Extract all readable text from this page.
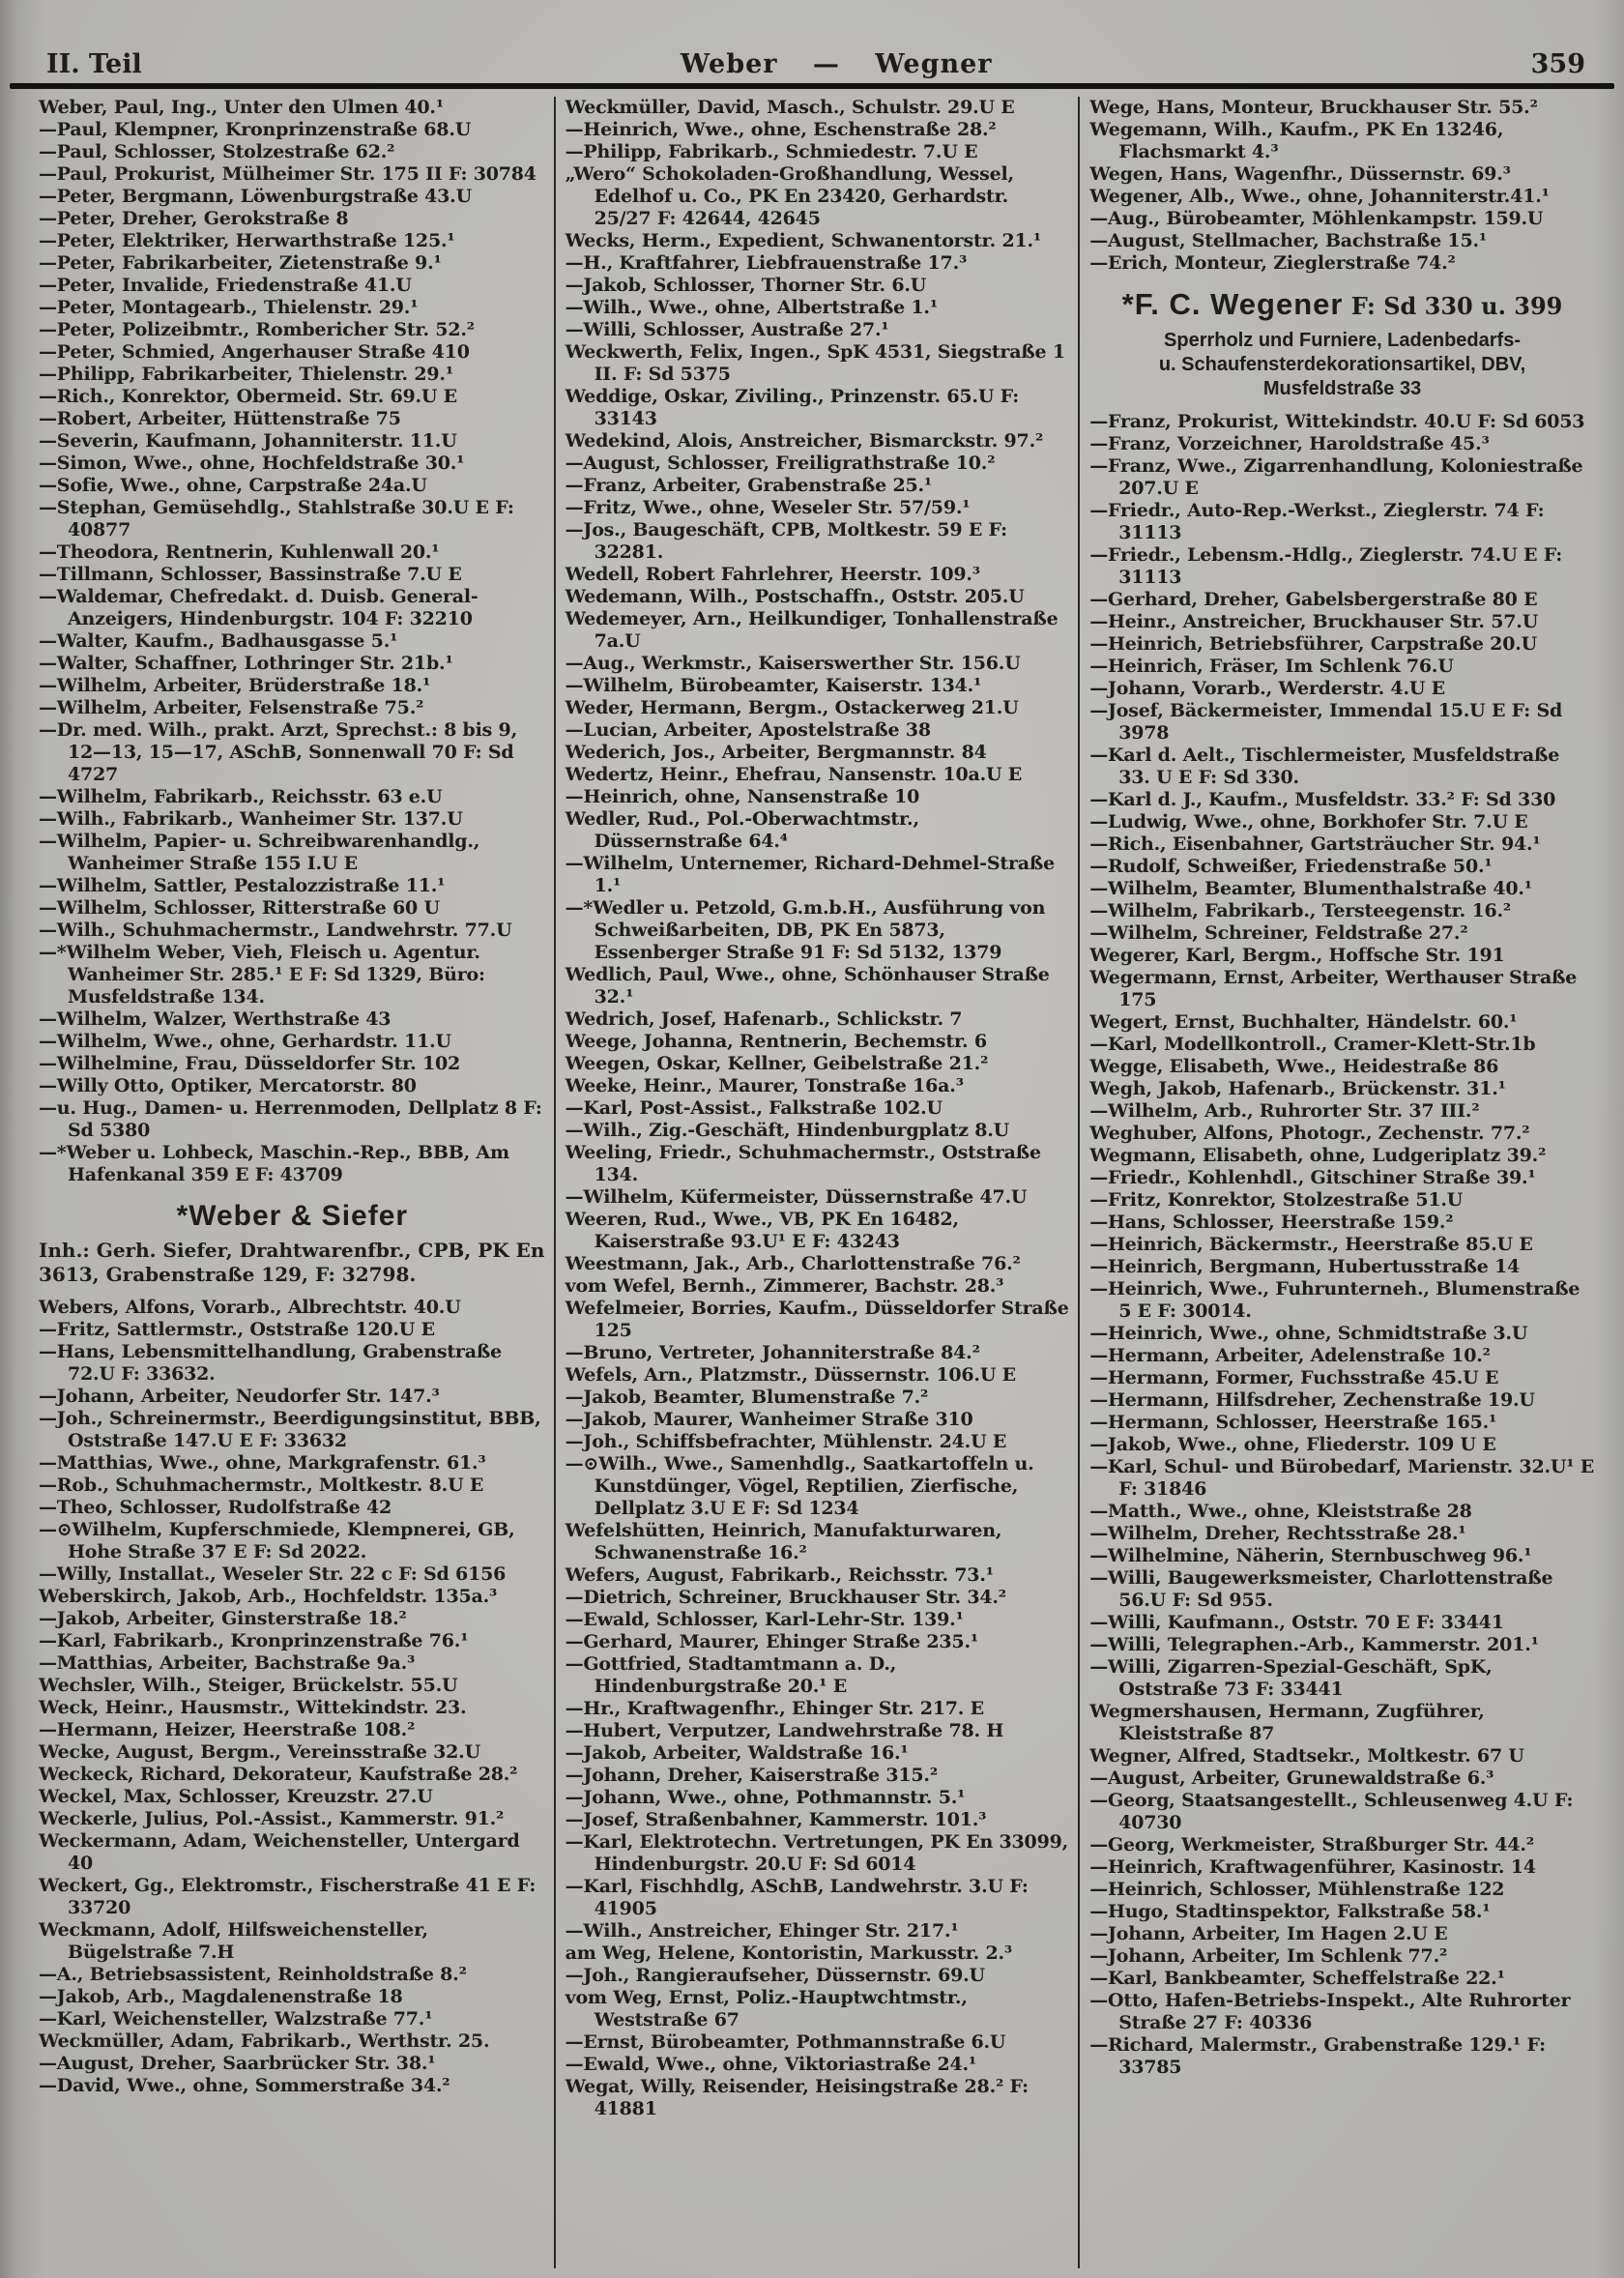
II. Teil	Weber — Wegner	359

Weber, Paul, Ing., Unter den Ulmen 40.¹

—Paul, Klempner, Kronprinzenstraße 68.U

—Paul, Schlosser, Stolzestraße 62.²

—Paul, Prokurist, Mülheimer Str. 175 II F: 30784

—Peter, Bergmann, Löwenburgstraße 43.U

—Peter, Dreher, Gerokstraße 8

—Peter, Elektriker, Herwarthstraße 125.¹

—Peter, Fabrikarbeiter, Zietenstraße 9.¹

—Peter, Invalide, Friedenstraße 41.U

—Peter, Montagearb., Thielenstr. 29.¹

—Peter, Polizeibmtr., Rombericher Str. 52.²

—Peter, Schmied, Angerhauser Straße 410

—Philipp, Fabrikarbeiter, Thielenstr. 29.¹

—Rich., Konrektor, Obermeid. Str. 69.U E

—Robert, Arbeiter, Hüttenstraße 75

—Severin, Kaufmann, Johanniterstr. 11.U

—Simon, Wwe., ohne, Hochfeldstraße 30.¹

—Sofie, Wwe., ohne, Carpstraße 24a.U

—Stephan, Gemüsehdlg., Stahlstraße 30.U E F: 40877

—Theodora, Rentnerin, Kuhlenwall 20.¹

—Tillmann, Schlosser, Bassinstraße 7.U E

—Waldemar, Chefredakt. d. Duisb. General-Anzeigers, Hindenburgstr. 104 F: 32210

—Walter, Kaufm., Badhausgasse 5.¹

—Walter, Schaffner, Lothringer Str. 21b.¹

—Wilhelm, Arbeiter, Brüderstraße 18.¹

—Wilhelm, Arbeiter, Felsenstraße 75.²

—Dr. med. Wilh., prakt. Arzt, Sprechst.: 8 bis 9, 12—13, 15—17, ASchB, Sonnenwall 70 F: Sd 4727

—Wilhelm, Fabrikarb., Reichsstr. 63 e.U

—Wilh., Fabrikarb., Wanheimer Str. 137.U

—Wilhelm, Papier- u. Schreibwarenhandlg., Wanheimer Straße 155 I.U E

—Wilhelm, Sattler, Pestalozzistraße 11.¹

—Wilhelm, Schlosser, Ritterstraße 60 U

—Wilh., Schuhmachermstr., Landwehrstr. 77.U

—*Wilhelm Weber, Vieh, Fleisch u. Agentur. Wanheimer Str. 285.¹ E F: Sd 1329, Büro: Musfeldstraße 134.

—Wilhelm, Walzer, Werthstraße 43

—Wilhelm, Wwe., ohne, Gerhardstr. 11.U

—Wilhelmine, Frau, Düsseldorfer Str. 102

—Willy Otto, Optiker, Mercatorstr. 80

—u. Hug., Damen- u. Herrenmoden, Dellplatz 8 F: Sd 5380

—*Weber u. Lohbeck, Maschin.-Rep., BBB, Am Hafenkanal 359 E F: 43709

*Weber & Siefer
Inh.: Gerh. Siefer, Drahtwarenfbr., CPB, PK En 3613, Grabenstraße 129, F: 32798.

Webers, Alfons, Vorarb., Albrechtstr. 40.U

—Fritz, Sattlermstr., Oststraße 120.U E

—Hans, Lebensmittelhandlung, Grabenstraße 72.U F: 33632.

—Johann, Arbeiter, Neudorfer Str. 147.³

—Joh., Schreinermstr., Beerdigungsinstitut, BBB, Oststraße 147.U E F: 33632

—Matthias, Wwe., ohne, Markgrafenstr. 61.³

—Rob., Schuhmachermstr., Moltkestr. 8.U E

—Theo, Schlosser, Rudolfstraße 42

—⊙Wilhelm, Kupferschmiede, Klempnerei, GB, Hohe Straße 37 E F: Sd 2022.

—Willy, Installat., Weseler Str. 22 c F: Sd 6156

Weberskirch, Jakob, Arb., Hochfeldstr. 135a.³

—Jakob, Arbeiter, Ginsterstraße 18.²

—Karl, Fabrikarb., Kronprinzenstraße 76.¹

—Matthias, Arbeiter, Bachstraße 9a.³

Wechsler, Wilh., Steiger, Brückelstr. 55.U

Weck, Heinr., Hausmstr., Wittekindstr. 23.

—Hermann, Heizer, Heerstraße 108.²

Wecke, August, Bergm., Vereinsstraße 32.U

Weckeck, Richard, Dekorateur, Kaufstraße 28.²

Weckel, Max, Schlosser, Kreuzstr. 27.U

Weckerle, Julius, Pol.-Assist., Kammerstr. 91.²

Weckermann, Adam, Weichensteller, Untergard 40

Weckert, Gg., Elektromstr., Fischerstraße 41 E F: 33720

Weckmann, Adolf, Hilfsweichensteller, Bügelstraße 7.H

—A., Betriebsassistent, Reinholdstraße 8.²

—Jakob, Arb., Magdalenenstraße 18

—Karl, Weichensteller, Walzstraße 77.¹

Weckmüller, Adam, Fabrikarb., Werthstr. 25.

—August, Dreher, Saarbrücker Str. 38.¹

—David, Wwe., ohne, Sommerstraße 34.²

Weckmüller, David, Masch., Schulstr. 29.U E

—Heinrich, Wwe., ohne, Eschenstraße 28.²

—Philipp, Fabrikarb., Schmiedestr. 7.U E

„Wero“ Schokoladen-Großhandlung, Wessel, Edelhof u. Co., PK En 23420, Gerhardstr. 25/27 F: 42644, 42645

Wecks, Herm., Expedient, Schwanentorstr. 21.¹

—H., Kraftfahrer, Liebfrauenstraße 17.³

—Jakob, Schlosser, Thorner Str. 6.U

—Wilh., Wwe., ohne, Albertstraße 1.¹

—Willi, Schlosser, Austraße 27.¹

Weckwerth, Felix, Ingen., SpK 4531, Siegstraße 1 II. F: Sd 5375

Weddige, Oskar, Ziviling., Prinzenstr. 65.U F: 33143

Wedekind, Alois, Anstreicher, Bismarckstr. 97.²

—August, Schlosser, Freiligrathstraße 10.²

—Franz, Arbeiter, Grabenstraße 25.¹

—Fritz, Wwe., ohne, Weseler Str. 57/59.¹

—Jos., Baugeschäft, CPB, Moltkestr. 59 E F: 32281.

Wedell, Robert Fahrlehrer, Heerstr. 109.³

Wedemann, Wilh., Postschaffn., Oststr. 205.U

Wedemeyer, Arn., Heilkundiger, Tonhallenstraße 7a.U

—Aug., Werkmstr., Kaiserswerther Str. 156.U

—Wilhelm, Bürobeamter, Kaiserstr. 134.¹

Weder, Hermann, Bergm., Ostackerweg 21.U

—Lucian, Arbeiter, Apostelstraße 38

Wederich, Jos., Arbeiter, Bergmannstr. 84

Wedertz, Heinr., Ehefrau, Nansenstr. 10a.U E

—Heinrich, ohne, Nansenstraße 10

Wedler, Rud., Pol.-Oberwachtmstr., Düssernstraße 64.⁴

—Wilhelm, Unternemer, Richard-Dehmel-Straße 1.¹

—*Wedler u. Petzold, G.m.b.H., Ausführung von Schweißarbeiten, DB, PK En 5873, Essenberger Straße 91 F: Sd 5132, 1379

Wedlich, Paul, Wwe., ohne, Schönhauser Straße 32.¹

Wedrich, Josef, Hafenarb., Schlickstr. 7

Weege, Johanna, Rentnerin, Bechemstr. 6

Weegen, Oskar, Kellner, Geibelstraße 21.²

Weeke, Heinr., Maurer, Tonstraße 16a.³

—Karl, Post-Assist., Falkstraße 102.U

—Wilh., Zig.-Geschäft, Hindenburgplatz 8.U

Weeling, Friedr., Schuhmachermstr., Oststraße 134.

—Wilhelm, Küfermeister, Düssernstraße 47.U

Weeren, Rud., Wwe., VB, PK En 16482, Kaiserstraße 93.U¹ E F: 43243

Weestmann, Jak., Arb., Charlottenstraße 76.²

vom Wefel, Bernh., Zimmerer, Bachstr. 28.³

Wefelmeier, Borries, Kaufm., Düsseldorfer Straße 125

—Bruno, Vertreter, Johanniterstraße 84.²

Wefels, Arn., Platzmstr., Düssernstr. 106.U E

—Jakob, Beamter, Blumenstraße 7.²

—Jakob, Maurer, Wanheimer Straße 310

—Joh., Schiffsbefrachter, Mühlenstr. 24.U E

—⊙Wilh., Wwe., Samenhdlg., Saatkartoffeln u. Kunstdünger, Vögel, Reptilien, Zierfische, Dellplatz 3.U E F: Sd 1234

Wefelshütten, Heinrich, Manufakturwaren, Schwanenstraße 16.²

Wefers, August, Fabrikarb., Reichsstr. 73.¹

—Dietrich, Schreiner, Bruckhauser Str. 34.²

—Ewald, Schlosser, Karl-Lehr-Str. 139.¹

—Gerhard, Maurer, Ehinger Straße 235.¹

—Gottfried, Stadtamtmann a. D., Hindenburgstraße 20.¹ E

—Hr., Kraftwagenfhr., Ehinger Str. 217. E

—Hubert, Verputzer, Landwehrstraße 78. H

—Jakob, Arbeiter, Waldstraße 16.¹

—Johann, Dreher, Kaiserstraße 315.²

—Johann, Wwe., ohne, Pothmannstr. 5.¹

—Josef, Straßenbahner, Kammerstr. 101.³

—Karl, Elektrotechn. Vertretungen, PK En 33099, Hindenburgstr. 20.U F: Sd 6014

—Karl, Fischhdlg, ASchB, Landwehrstr. 3.U F: 41905

—Wilh., Anstreicher, Ehinger Str. 217.¹

am Weg, Helene, Kontoristin, Markusstr. 2.³

—Joh., Rangieraufseher, Düssernstr. 69.U

vom Weg, Ernst, Poliz.-Hauptwchtmstr., Weststraße 67

—Ernst, Bürobeamter, Pothmannstraße 6.U

—Ewald, Wwe., ohne, Viktoriastraße 24.¹

Wegat, Willy, Reisender, Heisingstraße 28.² F: 41881

Wege, Hans, Monteur, Bruckhauser Str. 55.²

Wegemann, Wilh., Kaufm., PK En 13246, Flachsmarkt 4.³

Wegen, Hans, Wagenfhr., Düssernstr. 69.³

Wegener, Alb., Wwe., ohne, Johanniterstr.41.¹

—Aug., Bürobeamter, Möhlenkampstr. 159.U

—August, Stellmacher, Bachstraße 15.¹

—Erich, Monteur, Zieglerstraße 74.²

*F. C. Wegener F: Sd 330 u. 399
Sperrholz und Furniere, Ladenbedarfs-
u. Schaufensterdekorationsartikel, DBV,
Musfeldstraße 33

—Franz, Prokurist, Wittekindstr. 40.U F: Sd 6053

—Franz, Vorzeichner, Haroldstraße 45.³

—Franz, Wwe., Zigarrenhandlung, Koloniestraße 207.U E

—Friedr., Auto-Rep.-Werkst., Zieglerstr. 74 F: 31113

—Friedr., Lebensm.-Hdlg., Zieglerstr. 74.U E F: 31113

—Gerhard, Dreher, Gabelsbergerstraße 80 E

—Heinr., Anstreicher, Bruckhauser Str. 57.U

—Heinrich, Betriebsführer, Carpstraße 20.U

—Heinrich, Fräser, Im Schlenk 76.U

—Johann, Vorarb., Werderstr. 4.U E

—Josef, Bäckermeister, Immendal 15.U E F: Sd 3978

—Karl d. Aelt., Tischlermeister, Musfeldstraße 33. U E F: Sd 330.

—Karl d. J., Kaufm., Musfeldstr. 33.² F: Sd 330

—Ludwig, Wwe., ohne, Borkhofer Str. 7.U E

—Rich., Eisenbahner, Gartsträucher Str. 94.¹

—Rudolf, Schweißer, Friedenstraße 50.¹

—Wilhelm, Beamter, Blumenthalstraße 40.¹

—Wilhelm, Fabrikarb., Tersteegenstr. 16.²

—Wilhelm, Schreiner, Feldstraße 27.²

Wegerer, Karl, Bergm., Hoffsche Str. 191

Wegermann, Ernst, Arbeiter, Werthauser Straße 175

Wegert, Ernst, Buchhalter, Händelstr. 60.¹

—Karl, Modellkontroll., Cramer-Klett-Str.1b

Wegge, Elisabeth, Wwe., Heidestraße 86

Wegh, Jakob, Hafenarb., Brückenstr. 31.¹

—Wilhelm, Arb., Ruhrorter Str. 37 III.²

Weghuber, Alfons, Photogr., Zechenstr. 77.²

Wegmann, Elisabeth, ohne, Ludgeriplatz 39.²

—Friedr., Kohlenhdl., Gitschiner Straße 39.¹

—Fritz, Konrektor, Stolzestraße 51.U

—Hans, Schlosser, Heerstraße 159.²

—Heinrich, Bäckermstr., Heerstraße 85.U E

—Heinrich, Bergmann, Hubertusstraße 14

—Heinrich, Wwe., Fuhrunterneh., Blumenstraße 5 E F: 30014.

—Heinrich, Wwe., ohne, Schmidtstraße 3.U

—Hermann, Arbeiter, Adelenstraße 10.²

—Hermann, Former, Fuchsstraße 45.U E

—Hermann, Hilfsdreher, Zechenstraße 19.U

—Hermann, Schlosser, Heerstraße 165.¹

—Jakob, Wwe., ohne, Fliederstr. 109 U E

—Karl, Schul- und Bürobedarf, Marienstr. 32.U¹ E F: 31846

—Matth., Wwe., ohne, Kleiststraße 28

—Wilhelm, Dreher, Rechtsstraße 28.¹

—Wilhelmine, Näherin, Sternbuschweg 96.¹

—Willi, Baugewerksmeister, Charlottenstraße 56.U F: Sd 955.

—Willi, Kaufmann., Oststr. 70 E F: 33441

—Willi, Telegraphen.-Arb., Kammerstr. 201.¹

—Willi, Zigarren-Spezial-Geschäft, SpK, Oststraße 73 F: 33441

Wegmershausen, Hermann, Zugführer, Kleiststraße 87

Wegner, Alfred, Stadtsekr., Moltkestr. 67 U

—August, Arbeiter, Grunewaldstraße 6.³

—Georg, Staatsangestellt., Schleusenweg 4.U F: 40730

—Georg, Werkmeister, Straßburger Str. 44.²

—Heinrich, Kraftwagenführer, Kasinostr. 14

—Heinrich, Schlosser, Mühlenstraße 122

—Hugo, Stadtinspektor, Falkstraße 58.¹

—Johann, Arbeiter, Im Hagen 2.U E

—Johann, Arbeiter, Im Schlenk 77.²

—Karl, Bankbeamter, Scheffelstraße 22.¹

—Otto, Hafen-Betriebs-Inspekt., Alte Ruhrorter Straße 27 F: 40336

—Richard, Malermstr., Grabenstraße 129.¹ F: 33785
